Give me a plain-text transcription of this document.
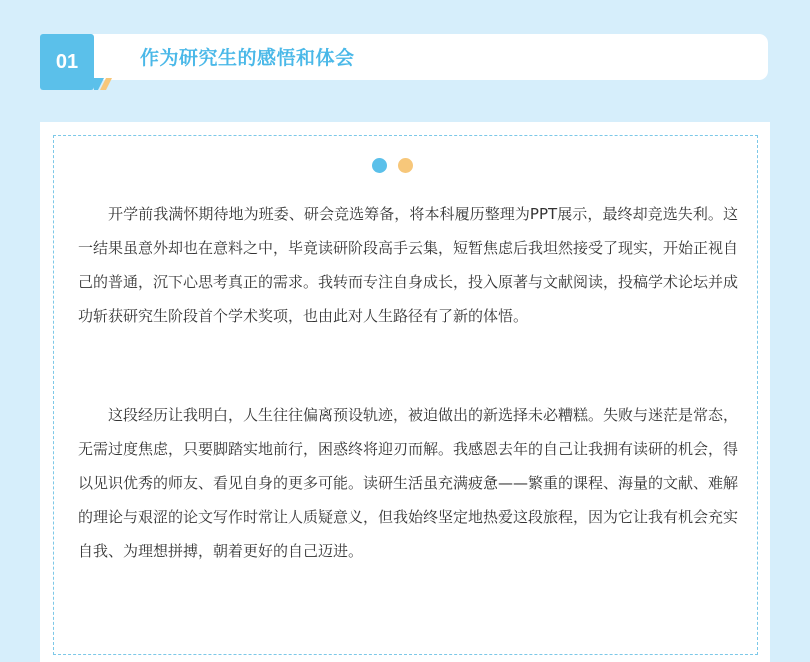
01	作为研究生的感悟和体会

开学前我满怀期待地为班委、研会竞选筹备，将本科履历整理为PPT展示，最终却竞选失利。这一结果虽意外却也在意料之中，毕竟读研阶段高手云集，短暂焦虑后我坦然接受了现实，开始正视自己的普通，沉下心思考真正的需求。我转而专注自身成长，投入原著与文献阅读，投稿学术论坛并成功斩获研究生阶段首个学术奖项，也由此对人生路径有了新的体悟。

这段经历让我明白，人生往往偏离预设轨迹，被迫做出的新选择未必糟糕。失败与迷茫是常态，无需过度焦虑，只要脚踏实地前行，困惑终将迎刃而解。我感恩去年的自己让我拥有读研的机会，得以见识优秀的师友、看见自身的更多可能。读研生活虽充满疲惫——繁重的课程、海量的文献、难解的理论与艰涩的论文写作时常让人质疑意义，但我始终坚定地热爱这段旅程，因为它让我有机会充实自我、为理想拼搏，朝着更好的自己迈进。
